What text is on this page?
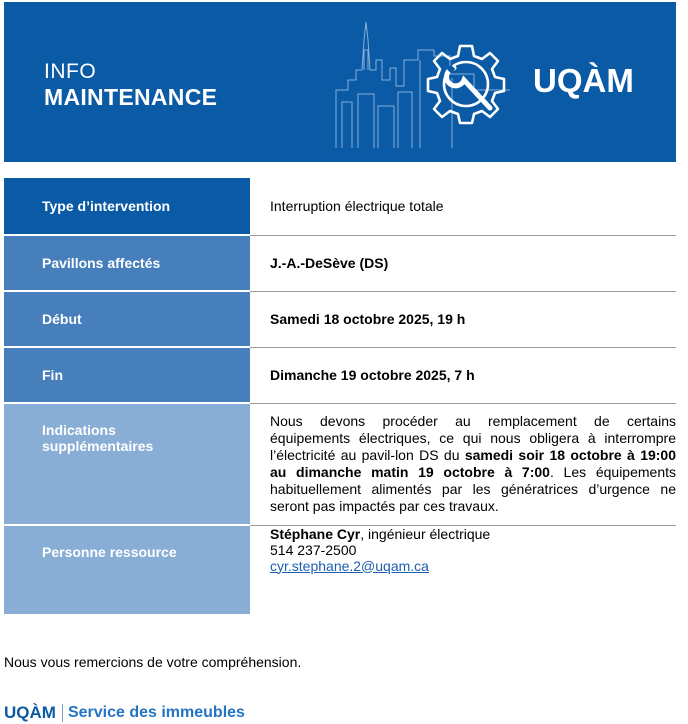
INFO
MAINTENANCE	UQÀM
Type d’intervention	Interruption électrique totale
Pavillons affectés	J.-A.-DeSève (DS)
Début	Samedi 18 octobre 2025, 19 h
Fin	Dimanche 19 octobre 2025, 7 h
Indications
supplémentaires	Nous devons procéder au remplacement de certains équipements électriques, ce qui nous obligera à interrompre l’électricité au pavil-lon DS du samedi soir 18 octobre à 19:00 au dimanche matin 19 octobre à 7:00. Les équipements habituellement alimentés par les génératrices d’urgence ne seront pas impactés par ces travaux.
Personne ressource	Stéphane Cyr, ingénieur électrique
514 237-2500
cyr.stephane.2@uqam.ca
Nous vous remercions de votre compréhension.
UQÀM Service des immeubles
